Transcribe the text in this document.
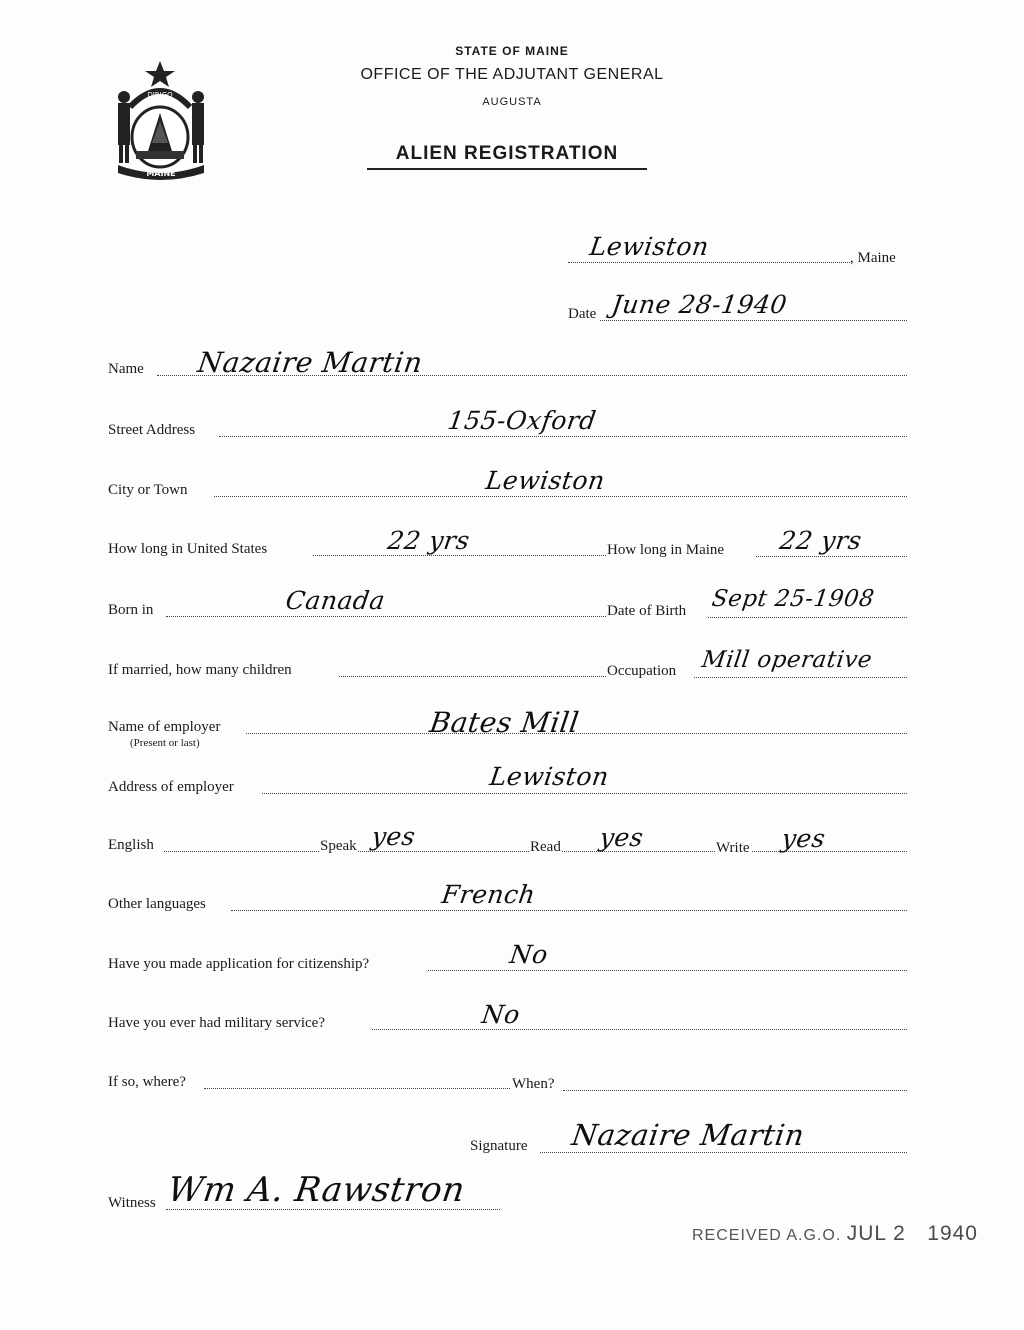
DIRIGO
MAINE
STATE OF MAINE
OFFICE OF THE ADJUTANT GENERAL
AUGUSTA
ALIEN REGISTRATION
Lewiston	, Maine
Date June 28-1940
Name Nazaire Martin
Street Address	155-Oxford
City or Town	Lewiston
How long in United States	22 yrs	How long in Maine 22 yrs
Born in	Canada	Date of Birth Sept 25-1908
If married, how many children	Occupation Mill operative
Name of employer
(Present or last)
Bates Mill
Address of employer	Lewiston
English	Speak yes	Read yes	Write yes
Other languages	French
Have you made application for citizenship?	No
Have you ever had military service?	No
If so, where?	When?
Signature Nazaire Martin
Witness Wm A. Rawstron
RECEIVED A.G.O. JUL 2 1940
